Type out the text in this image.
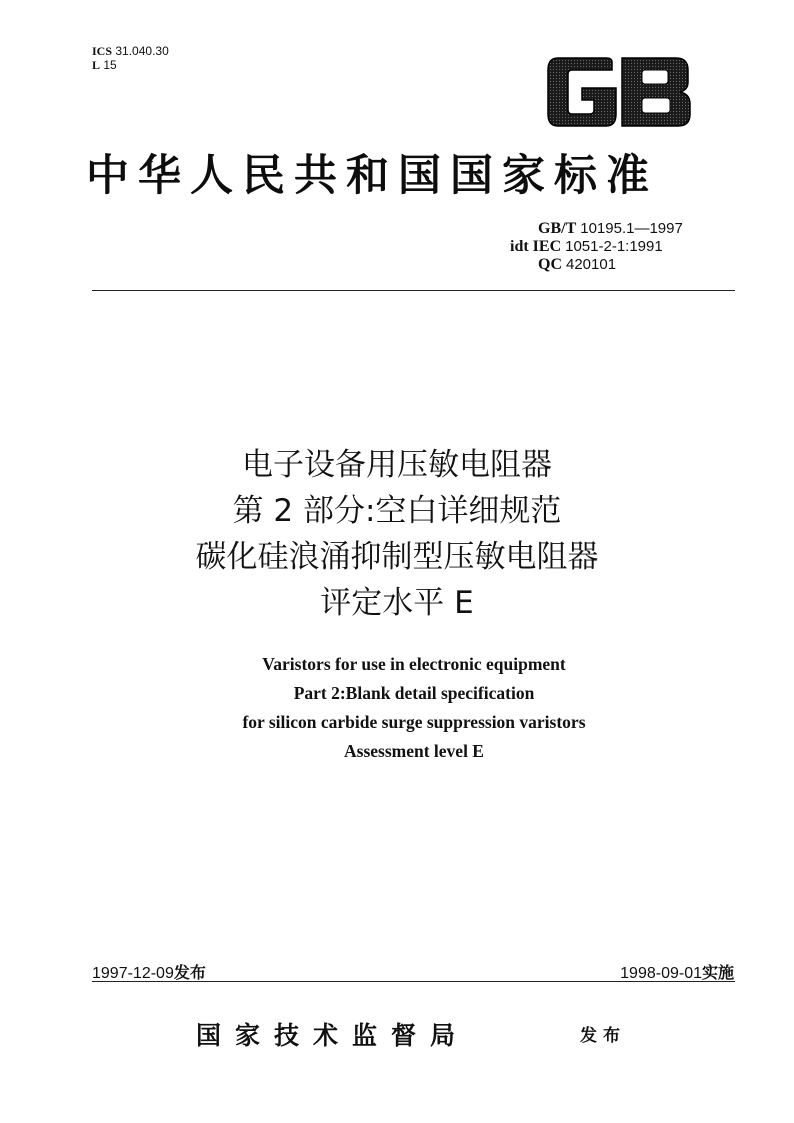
ICS 31.040.30
L 15
中华人民共和国国家标准
GB/T 10195.1—1997
idt IEC 1051-2-1:1991
QC 420101
电子设备用压敏电阻器
第 2 部分:空白详细规范
碳化硅浪涌抑制型压敏电阻器
评定水平 E
Varistors for use in electronic equipment
Part 2:Blank detail specification
for silicon carbide surge suppression varistors
Assessment level E
1997-12-09发布	1998-09-01实施
国家技术监督局	发布
